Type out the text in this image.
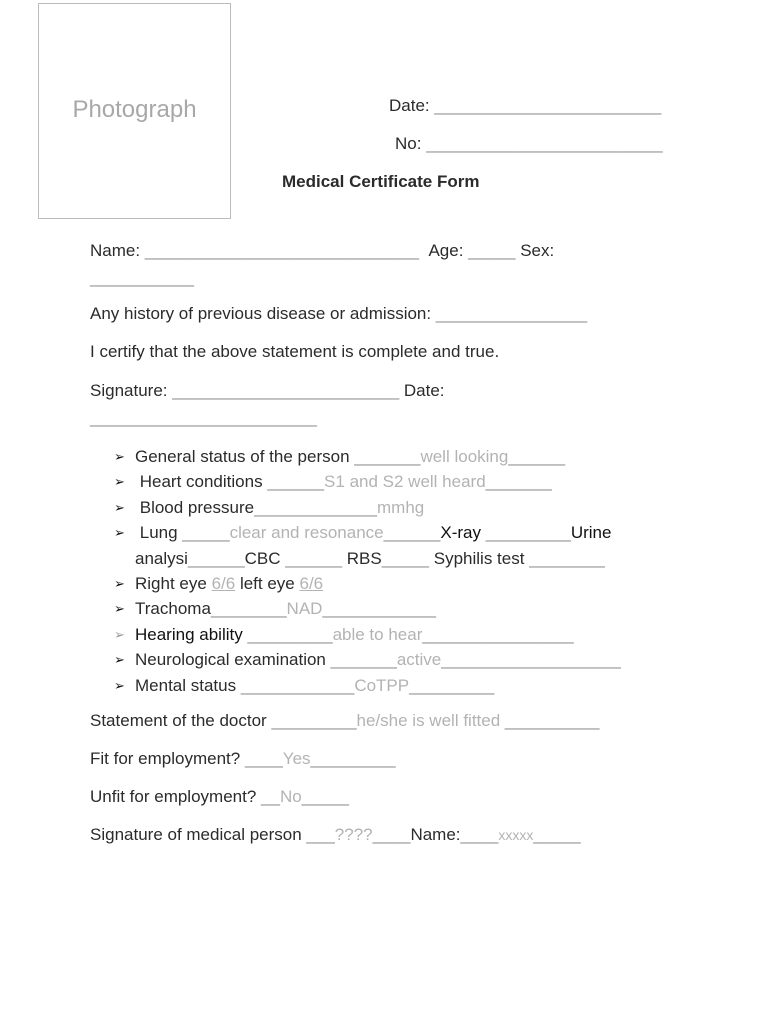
Photograph	Date: ________________________
No: _________________________
Medical Certificate Form
Name: _____________________________ Age: _____ Sex:
___________
Any history of previous disease or admission: ________________
I certify that the above statement is complete and true.
Signature: ________________________ Date:
________________________
➢ General status of the person _______well looking______
➢ Heart conditions ______S1 and S2 well heard_______
➢ Blood pressure_____________mmhg
➢ Lung _____clear and resonance______X-ray _________Urine
analysi______CBC ______ RBS_____ Syphilis test ________
➢ Right eye 6/6 left eye 6/6
➢ Trachoma________NAD____________
➢ Hearing ability _________able to hear________________
➢ Neurological examination _______active___________________
➢ Mental status ____________CoTPP_________
Statement of the doctor _________he/she is well fitted __________
Fit for employment? ____Yes_________
Unfit for employment? __No_____
Signature of medical person ___????____Name:____xxxxx_____
